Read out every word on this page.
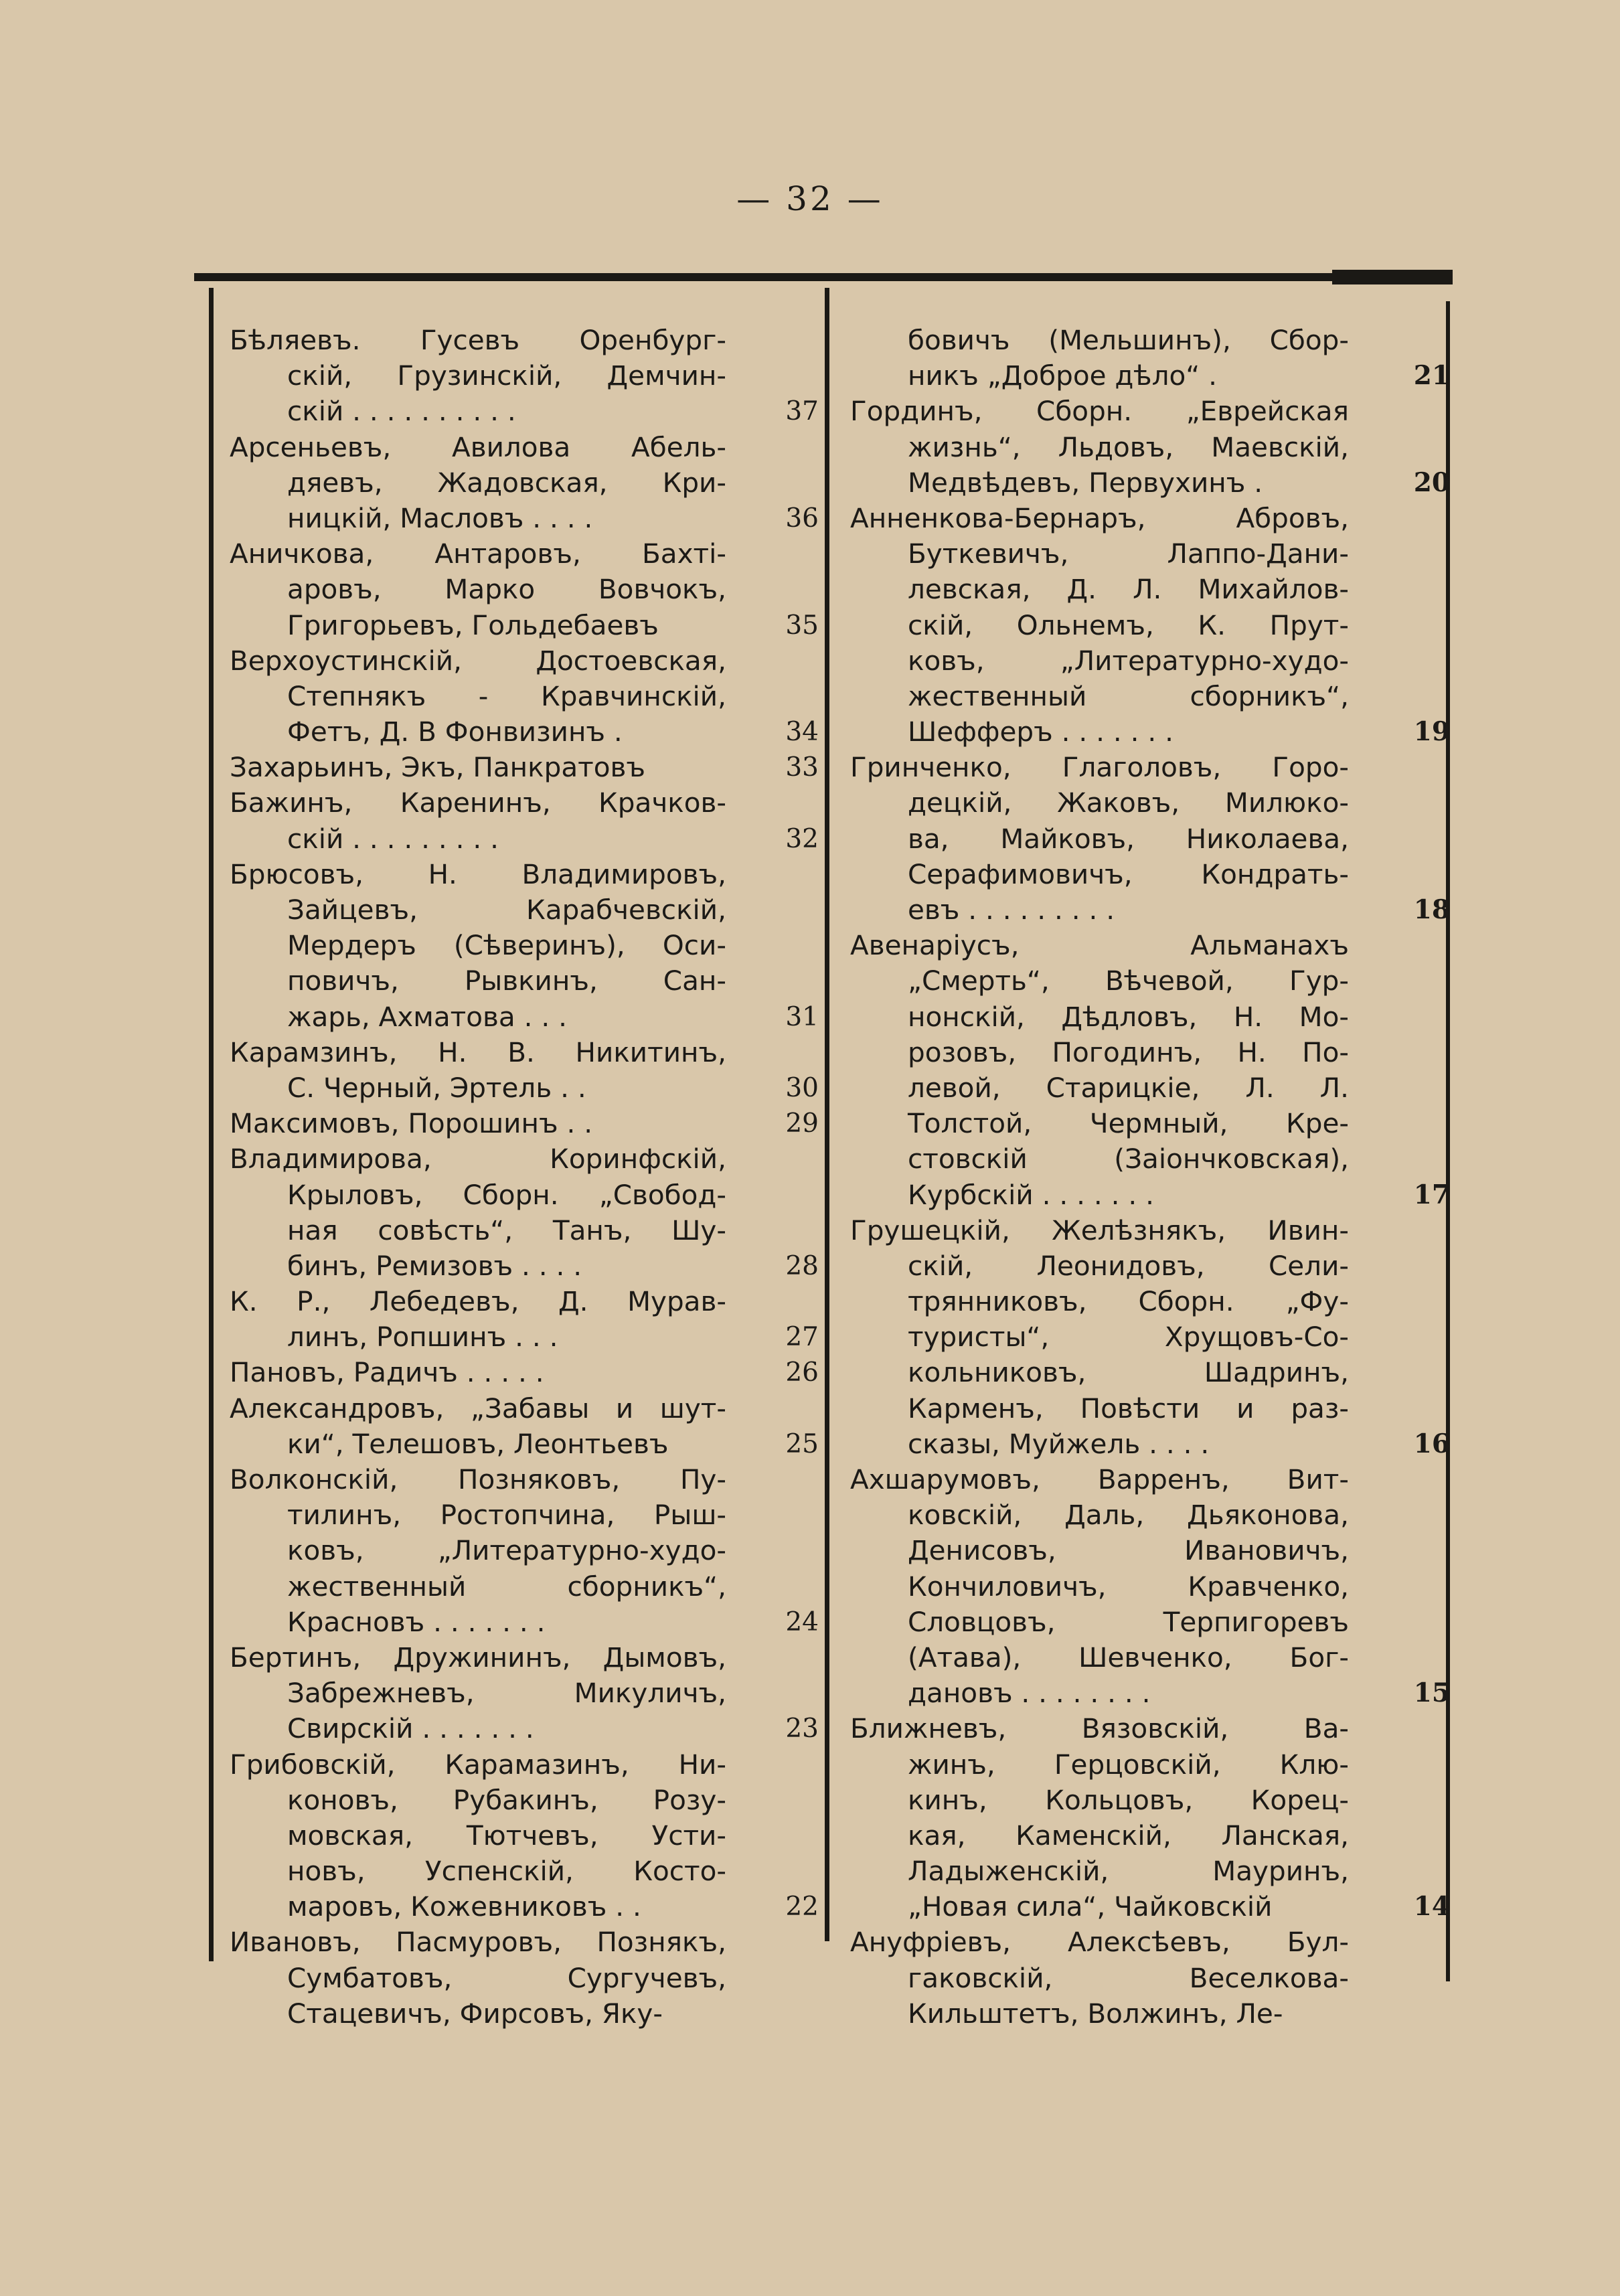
— 32 —
Бѣляевъ. Гусевъ Оренбург-
скій, Грузинскій, Демчин-
скій . . . . . . . . . .	37
Арсеньевъ, Авилова Абель-
дяевъ, Жадовская, Кри-
ницкій, Масловъ . . . .	36
Аничкова, Антаровъ, Бахті-
аровъ, Марко Вовчокъ,
Григорьевъ, Гольдебаевъ	35
Верхоустинскій, Достоевская,
Степнякъ - Кравчинскій,
Фетъ, Д. В Фонвизинъ .	34
Захарьинъ, Экъ, Панкратовъ	33
Бажинъ, Каренинъ, Крачков-
скій . . . . . . . . .	32
Брюсовъ, Н. Владимировъ,
Зайцевъ, Карабчевскій,
Мердеръ (Сѣверинъ), Оси-
повичъ, Рывкинъ, Сан-
жарь, Ахматова . . .	31
Карамзинъ, Н. В. Никитинъ,
С. Черный, Эртель . .	30
Максимовъ, Порошинъ . .	29
Владимирова, Коринфскій,
Крыловъ, Сборн. „Свобод-
ная совѣсть“, Танъ, Шу-
бинъ, Ремизовъ . . . .	28
К. Р., Лебедевъ, Д. Мурав-
линъ, Ропшинъ . . .	27
Пановъ, Радичъ . . . . .	26
Александровъ, „Забавы и шут-
ки“, Телешовъ, Леонтьевъ	25
Волконскій, Позняковъ, Пу-
тилинъ, Ростопчина, Рыш-
ковъ, „Литературно-худо-
жественный сборникъ“,
Красновъ . . . . . . .	24
Бертинъ, Дружининъ, Дымовъ,
Забрежневъ, Микуличъ,
Свирскій . . . . . . .	23
Грибовскій, Карамазинъ, Ни-
коновъ, Рубакинъ, Розу-
мовская, Тютчевъ, Усти-
новъ, Успенскій, Косто-
маровъ, Кожевниковъ . .	22
Ивановъ, Пасмуровъ, Познякъ,
Сумбатовъ, Сургучевъ,
Стацевичъ, Фирсовъ, Яку-
бовичъ (Мельшинъ), Сбор-
никъ „Доброе дѣло“ .	21
Гординъ, Сборн. „Еврейская
жизнь“, Льдовъ, Маевскій,
Медвѣдевъ, Первухинъ .	20
Анненкова-Бернаръ, Абровъ,
Буткевичъ, Лаппо-Дани-
левская, Д. Л. Михайлов-
скій, Ольнемъ, К. Прут-
ковъ, „Литературно-худо-
жественный сборникъ“,
Шефферъ . . . . . . .	19
Гринченко, Глаголовъ, Горо-
децкій, Жаковъ, Милюко-
ва, Майковъ, Николаева,
Серафимовичъ, Кондрать-
евъ . . . . . . . . .	18
Авенаріусъ, Альманахъ
„Смерть“, Вѣчевой, Гур-
нонскій, Дѣдловъ, Н. Мо-
розовъ, Погодинъ, Н. По-
левой, Старицкіе, Л. Л.
Толстой, Чермный, Кре-
стовскій (Заіончковская),
Курбскій . . . . . . .	17
Грушецкій, Желѣзнякъ, Ивин-
скій, Леонидовъ, Сели-
трянниковъ, Сборн. „Фу-
туристы“, Хрущовъ-Со-
кольниковъ, Шадринъ,
Карменъ, Повѣсти и раз-
сказы, Муйжель . . . .	16
Ахшарумовъ, Варренъ, Вит-
ковскій, Даль, Дьяконова,
Денисовъ, Ивановичъ,
Кончиловичъ, Кравченко,
Словцовъ, Терпигоревъ
(Атава), Шевченко, Бог-
дановъ . . . . . . . .	15
Ближневъ, Вязовскій, Ва-
жинъ, Герцовскій, Клю-
кинъ, Кольцовъ, Корец-
кая, Каменскій, Ланская,
Ладыженскій, Мауринъ,
„Новая сила“, Чайковскій	14
Ануфріевъ, Алексѣевъ, Бул-
гаковскій, Веселкова-
Кильштетъ, Волжинъ, Ле-
